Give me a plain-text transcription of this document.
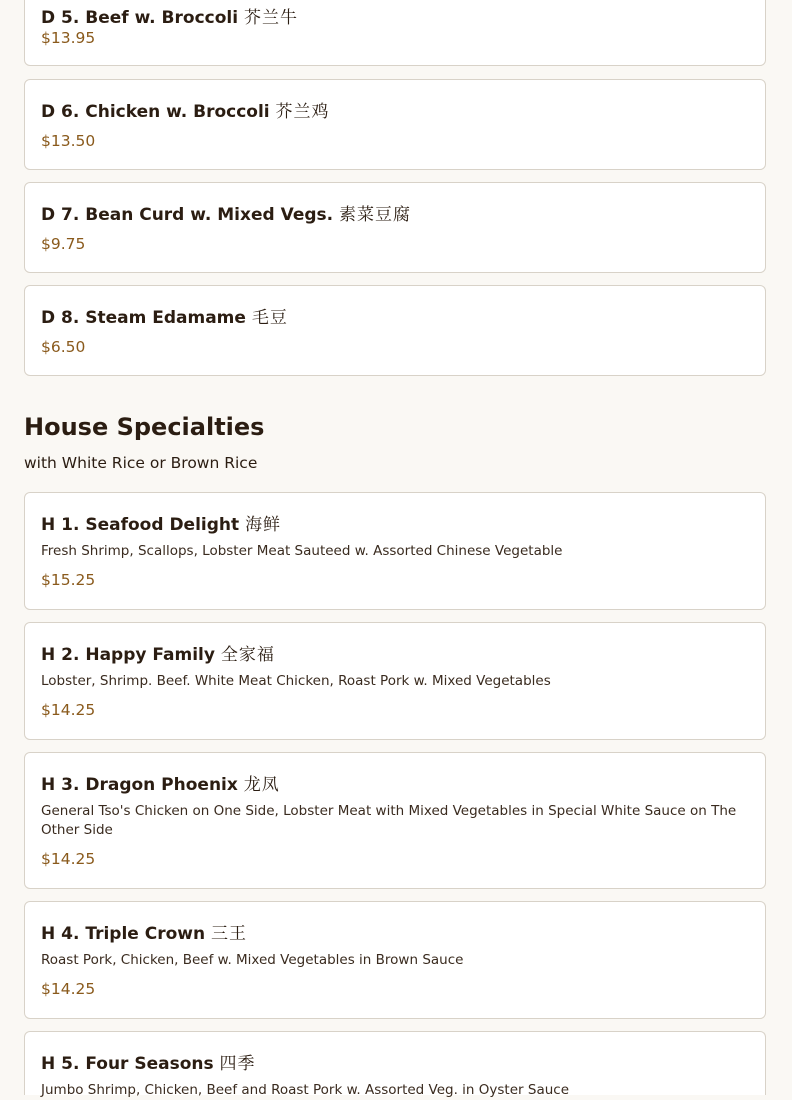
D 5. Beef w. Broccoli 芥兰牛
$13.95
D 6. Chicken w. Broccoli 芥兰鸡
$13.50
D 7. Bean Curd w. Mixed Vegs. 素菜豆腐
$9.75
D 8. Steam Edamame 毛豆
$6.50
House Specialties
with White Rice or Brown Rice
H 1. Seafood Delight 海鲜
Fresh Shrimp, Scallops, Lobster Meat Sauteed w. Assorted Chinese Vegetable
$15.25
H 2. Happy Family 全家福
Lobster, Shrimp. Beef. White Meat Chicken, Roast Pork w. Mixed Vegetables
$14.25
H 3. Dragon Phoenix 龙凤
General Tso's Chicken on One Side, Lobster Meat with Mixed Vegetables in Special White Sauce on The Other Side
$14.25
H 4. Triple Crown 三王
Roast Pork, Chicken, Beef w. Mixed Vegetables in Brown Sauce
$14.25
H 5. Four Seasons 四季
Jumbo Shrimp, Chicken, Beef and Roast Pork w. Assorted Veg. in Oyster Sauce
